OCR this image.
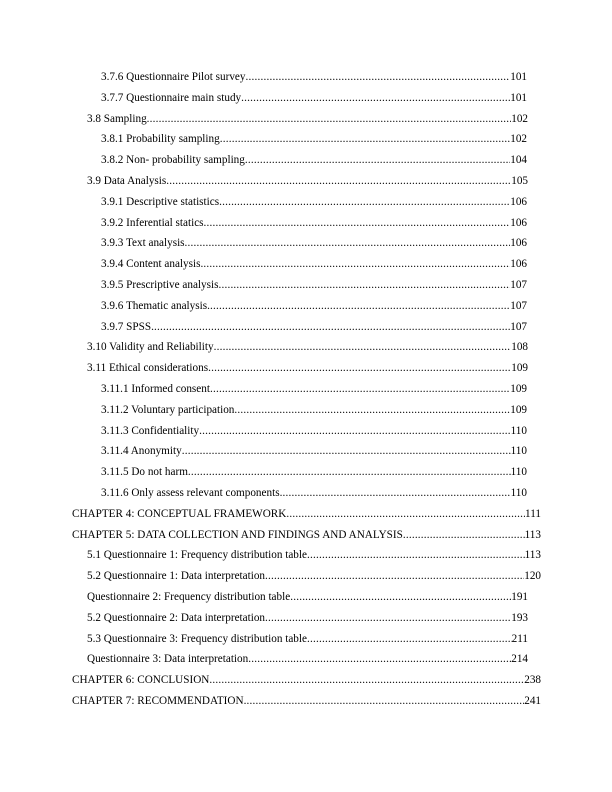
3.7.6 Questionnaire Pilot survey .....	101
3.7.7 Questionnaire main study .....	101
3.8 Sampling .....	102
3.8.1 Probability sampling .....	102
3.8.2 Non- probability sampling .....	104
3.9 Data Analysis .....	105
3.9.1 Descriptive statistics .....	106
3.9.2 Inferential statics .....	106
3.9.3 Text analysis .....	106
3.9.4 Content analysis .....	106
3.9.5 Prescriptive analysis .....	107
3.9.6 Thematic analysis .....	107
3.9.7 SPSS .....	107
3.10 Validity and Reliability .....	108
3.11 Ethical considerations .....	109
3.11.1 Informed consent .....	109
3.11.2 Voluntary participation .....	109
3.11.3 Confidentiality .....	110
3.11.4 Anonymity .....	110
3.11.5 Do not harm .....	110
3.11.6 Only assess relevant components .....	110
CHAPTER 4: CONCEPTUAL FRAMEWORK .....	111
CHAPTER 5: DATA COLLECTION AND FINDINGS AND ANALYSIS .....	113
5.1 Questionnaire 1: Frequency distribution table .....	113
5.2 Questionnaire 1: Data interpretation .....	120
Questionnaire 2: Frequency distribution table .....	191
5.2 Questionnaire 2: Data interpretation .....	193
5.3 Questionnaire 3: Frequency distribution table .....	211
Questionnaire 3: Data interpretation .....	214
CHAPTER 6: CONCLUSION .....	238
CHAPTER 7: RECOMMENDATION .....	241
